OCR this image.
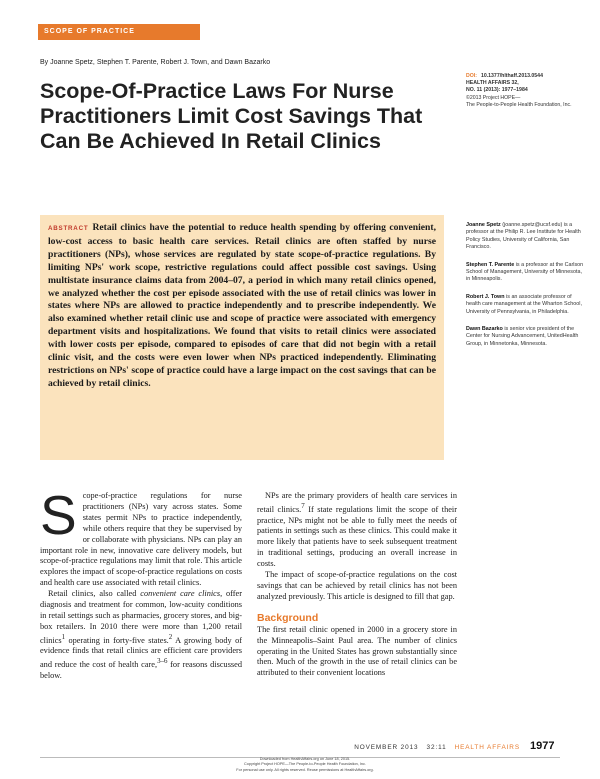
SCOPE OF PRACTICE
By Joanne Spetz, Stephen T. Parente, Robert J. Town, and Dawn Bazarko
Scope-Of-Practice Laws For Nurse Practitioners Limit Cost Savings That Can Be Achieved In Retail Clinics
DOI: 10.1377/hlthaff.2013.0544
HEALTH AFFAIRS 32,
NO. 11 (2013): 1977–1984
©2013 Project HOPE—
The People-to-People Health Foundation, Inc.

ABSTRACT Retail clinics have the potential to reduce health spending by offering convenient, low-cost access to basic health care services. Retail clinics are often staffed by nurse practitioners (NPs), whose services are regulated by state scope-of-practice regulations. By limiting NPs' work scope, restrictive regulations could affect possible cost savings. Using multistate insurance claims data from 2004–07, a period in which many retail clinics opened, we analyzed whether the cost per episode associated with the use of retail clinics was lower in states where NPs are allowed to practice independently and to prescribe independently. We also examined whether retail clinic use and scope of practice were associated with emergency department visits and hospitalizations. We found that visits to retail clinics were associated with lower costs per episode, compared to episodes of care that did not begin with a retail clinic visit, and the costs were even lower when NPs practiced independently. Eliminating restrictions on NPs' scope of practice could have a large impact on the cost savings that can be achieved by retail clinics.

Joanne Spetz (joanne.spetz@ucsf.edu) is a professor at the Philip R. Lee Institute for Health Policy Studies, University of California, San Francisco.

Stephen T. Parente is a professor at the Carlson School of Management, University of Minnesota, in Minneapolis.

Robert J. Town is an associate professor of health care management at the Wharton School, University of Pennsylvania, in Philadelphia.

Dawn Bazarko is senior vice president of the Center for Nursing Advancement, UnitedHealth Group, in Minnetonka, Minnesota.

Scope-of-practice regulations for nurse practitioners (NPs) vary across states. Some states permit NPs to practice independently, while others require that they be supervised by or collaborate with physicians. NPs can play an important role in new, innovative care delivery models, but scope-of-practice regulations may limit that role. This article explores the impact of scope-of-practice regulations on costs and health care use associated with retail clinics.

Retail clinics, also called convenient care clinics, offer diagnosis and treatment for common, low-acuity conditions in retail settings such as pharmacies, grocery stores, and big-box retailers. In 2010 there were more than 1,200 retail clinics$^1$ operating in forty-five states.$^2$ A growing body of evidence finds that retail clinics are efficient care providers and reduce the cost of health care,$^{3-6}$ for reasons discussed below.

NPs are the primary providers of health care services in retail clinics.$^7$ If state regulations limit the scope of their practice, NPs might not be able to fully meet the needs of patients in settings such as these clinics. This could make it more likely that patients have to seek subsequent treatment in traditional settings, producing an overall increase in costs.

The impact of scope-of-practice regulations on the cost savings that can be achieved by retail clinics has not been analyzed previously. This article is designed to fill that gap.

Background

The first retail clinic opened in 2000 in a grocery store in the Minneapolis–Saint Paul area. The number of clinics operating in the United States has grown substantially since then. Much of the growth in the use of retail clinics can be attributed to their convenient locations

NOVEMBER 2013 32:11 HEALTH AFFAIRS 1977
Downloaded from HealthAffairs.org on June 18, 2015.
Copyright Project HOPE—The People-to-People Health Foundation, Inc.
For personal use only. All rights reserved. Reuse permissions at HealthAffairs.org.
